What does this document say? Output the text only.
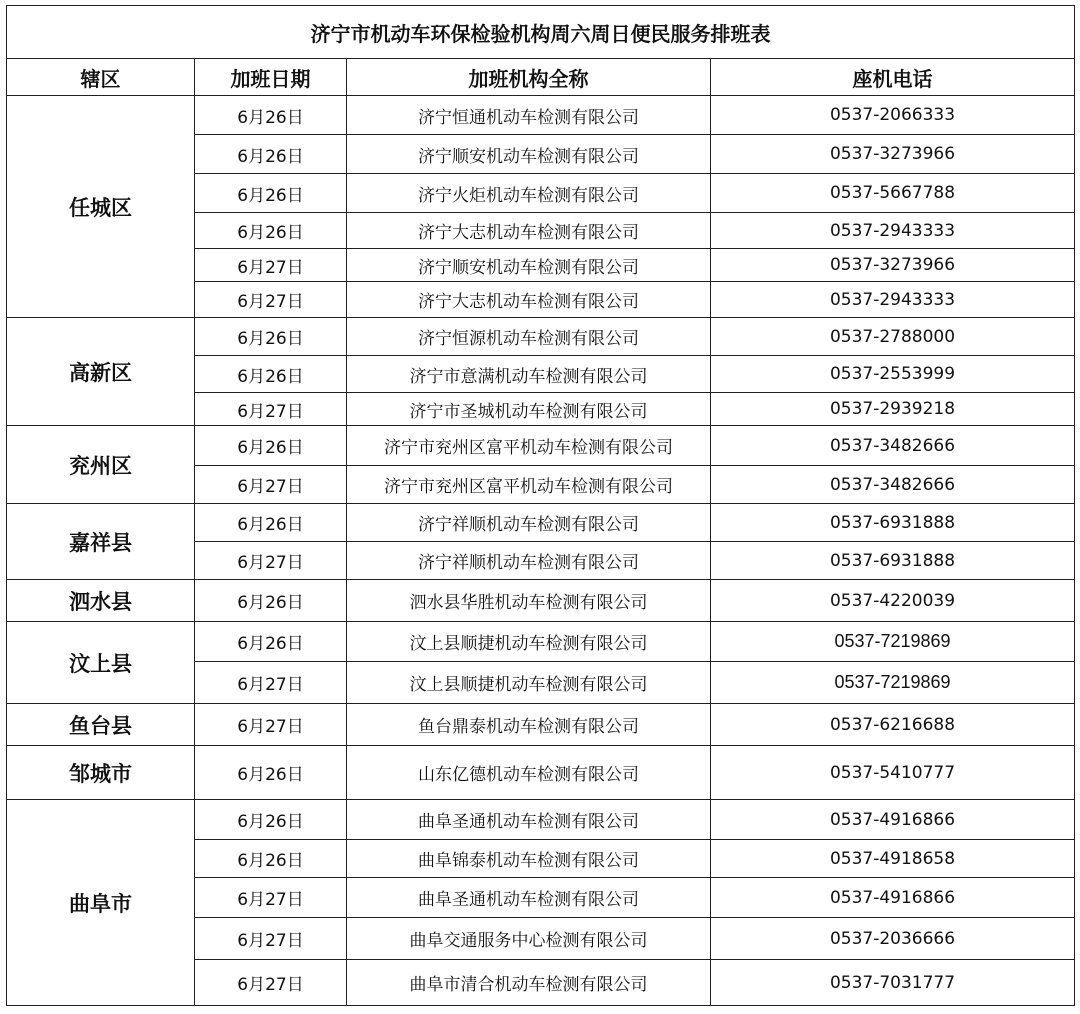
济宁市机动车环保检验机构周六周日便民服务排班表			
辖区	加班日期	加班机构全称	座机电话
任城区	6月26日	济宁恒通机动车检测有限公司	0537-2066333
	6月26日	济宁顺安机动车检测有限公司	0537-3273966
	6月26日	济宁火炬机动车检测有限公司	0537-5667788
	6月26日	济宁大志机动车检测有限公司	0537-2943333
	6月27日	济宁顺安机动车检测有限公司	0537-3273966
	6月27日	济宁大志机动车检测有限公司	0537-2943333
高新区	6月26日	济宁恒源机动车检测有限公司	0537-2788000
	6月26日	济宁市意满机动车检测有限公司	0537-2553999
	6月27日	济宁市圣城机动车检测有限公司	0537-2939218
兖州区	6月26日	济宁市兖州区富平机动车检测有限公司	0537-3482666
	6月27日	济宁市兖州区富平机动车检测有限公司	0537-3482666
嘉祥县	6月26日	济宁祥顺机动车检测有限公司	0537-6931888
	6月27日	济宁祥顺机动车检测有限公司	0537-6931888
泗水县	6月26日	泗水县华胜机动车检测有限公司	0537-4220039
汶上县	6月26日	汶上县顺捷机动车检测有限公司	0537-7219869
	6月27日	汶上县顺捷机动车检测有限公司	0537-7219869
鱼台县	6月27日	鱼台鼎泰机动车检测有限公司	0537-6216688
邹城市	6月26日	山东亿德机动车检测有限公司	0537-5410777
曲阜市	6月26日	曲阜圣通机动车检测有限公司	0537-4916866
	6月26日	曲阜锦泰机动车检测有限公司	0537-4918658
	6月27日	曲阜圣通机动车检测有限公司	0537-4916866
	6月27日	曲阜交通服务中心检测有限公司	0537-2036666
	6月27日	曲阜市清合机动车检测有限公司	0537-7031777
